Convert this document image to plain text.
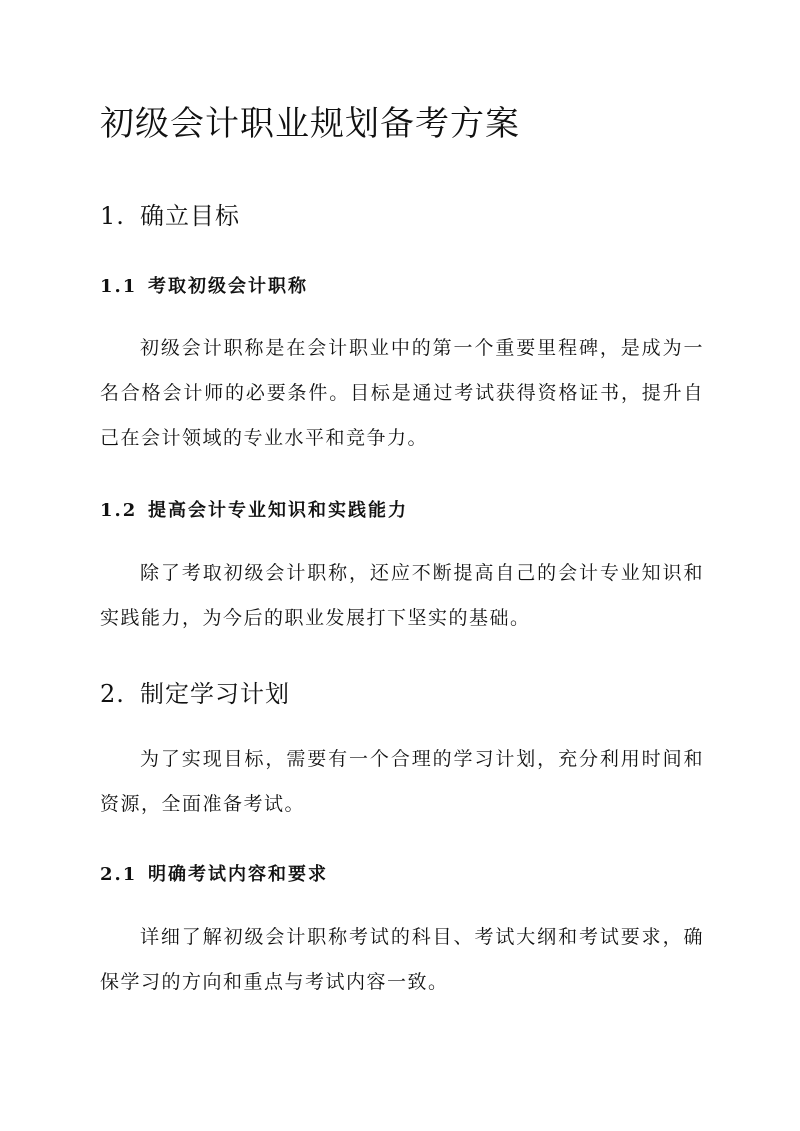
初级会计职业规划备考方案
1. 确立目标
1.1 考取初级会计职称

初级会计职称是在会计职业中的第一个重要里程碑，是成为一名合格会计师的必要条件。目标是通过考试获得资格证书，提升自己在会计领域的专业水平和竞争力。

1.2 提高会计专业知识和实践能力

除了考取初级会计职称，还应不断提高自己的会计专业知识和实践能力，为今后的职业发展打下坚实的基础。

2. 制定学习计划

为了实现目标，需要有一个合理的学习计划，充分利用时间和资源，全面准备考试。

2.1 明确考试内容和要求

详细了解初级会计职称考试的科目、考试大纲和考试要求，确保学习的方向和重点与考试内容一致。
